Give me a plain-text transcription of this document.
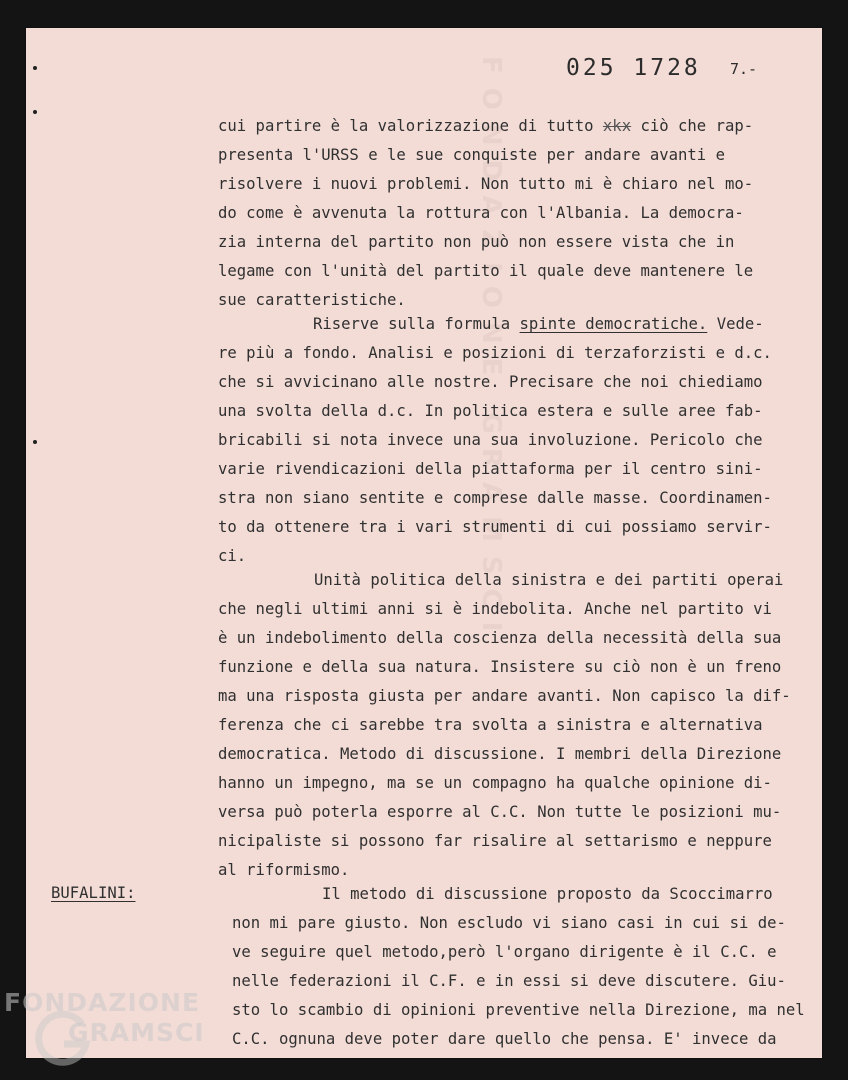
FONDAZIONE GRAMSCI	025 1728 7.-
cui partire è la valorizzazione di tutto xkx ciò che rap-
presenta l'URSS e le sue conquiste per andare avanti e
risolvere i nuovi problemi. Non tutto mi è chiaro nel mo-
do come è avvenuta la rottura con l'Albania. La democra-
zia interna del partito non può non essere vista che in
legame con l'unità del partito il quale deve mantenere le
sue caratteristiche.
Riserve sulla formula spinte democratiche. Vede-
re più a fondo. Analisi e posizioni di terzaforzisti e d.c.
che si avvicinano alle nostre. Precisare che noi chiediamo
una svolta della d.c. In politica estera e sulle aree fab-
bricabili si nota invece una sua involuzione. Pericolo che
varie rivendicazioni della piattaforma per il centro sini-
stra non siano sentite e comprese dalle masse. Coordinamen-
to da ottenere tra i vari strumenti di cui possiamo servir-
ci.
Unità politica della sinistra e dei partiti operai
che negli ultimi anni si è indebolita. Anche nel partito vi
è un indebolimento della coscienza della necessità della sua
funzione e della sua natura. Insistere su ciò non è un freno
ma una risposta giusta per andare avanti. Non capisco la dif-
ferenza che ci sarebbe tra svolta a sinistra e alternativa
democratica. Metodo di discussione. I membri della Direzione
hanno un impegno, ma se un compagno ha qualche opinione di-
versa può poterla esporre al C.C. Non tutte le posizioni mu-
nicipaliste si possono far risalire al settarismo e neppure
al riformismo.
BUFALINI:	Il metodo di discussione proposto da Scoccimarro
non mi pare giusto. Non escludo vi siano casi in cui si de-
ve seguire quel metodo,però l'organo dirigente è il C.C. e
nelle federazioni il C.F. e in essi si deve discutere. Giu-
sto lo scambio di opinioni preventive nella Direzione, ma nel
C.C. ognuna deve poter dare quello che pensa. E' invece da
FONDAZIONE
GRAMSCI
